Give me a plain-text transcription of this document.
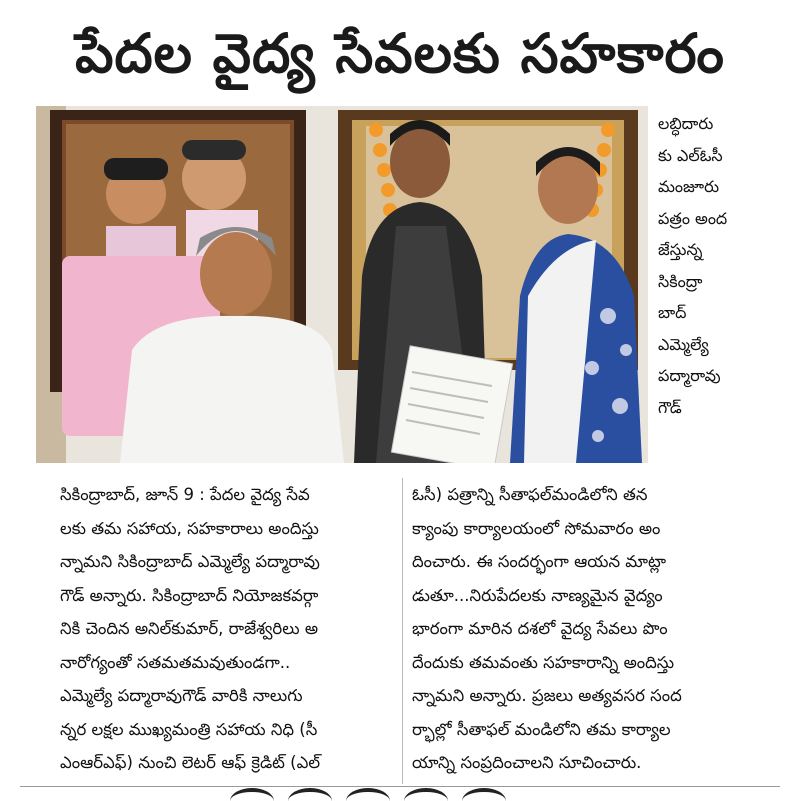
పేదల వైద్య సేవలకు సహకారం
లబ్ధిదారు
కు ఎల్‌ఓసీ
మంజూరు
పత్రం అంద
జేస్తున్న
సికింద్రా
బాద్
ఎమ్మెల్యే
పద్మారావు
గౌడ్
సికింద్రాబాద్, జూన్ 9 : పేదల వైద్య సేవ
లకు తమ సహాయ, సహకారాలు అందిస్తు
న్నామని సికింద్రాబాద్ ఎమ్మెల్యే పద్మారావు
గౌడ్ అన్నారు. సికింద్రాబాద్ నియోజకవర్గా
నికి చెందిన అనిల్‌కుమార్, రాజేశ్వరిలు అ
నారోగ్యంతో సతమతమవుతుండగా..
ఎమ్మెల్యే పద్మారావుగౌడ్ వారికి నాలుగు
న్నర లక్షల ముఖ్యమంత్రి సహాయ నిధి (సీ
ఎంఆర్‌ఎఫ్) నుంచి లెటర్ ఆఫ్ క్రెడిట్ (ఎల్
ఓసీ) పత్రాన్ని సీతాఫల్‌మండిలోని తన
క్యాంపు కార్యాలయంలో సోమవారం అం
దించారు. ఈ సందర్భంగా ఆయన మాట్లా
డుతూ...నిరుపేదలకు నాణ్యమైన వైద్యం
భారంగా మారిన దశలో వైద్య సేవలు పొం
దేందుకు తమవంతు సహకారాన్ని అందిస్తు
న్నామని అన్నారు. ప్రజలు అత్యవసర సంద
ర్భాల్లో సీతాఫల్ మండిలోని తమ కార్యాల
యాన్ని సంప్రదించాలని సూచించారు.
